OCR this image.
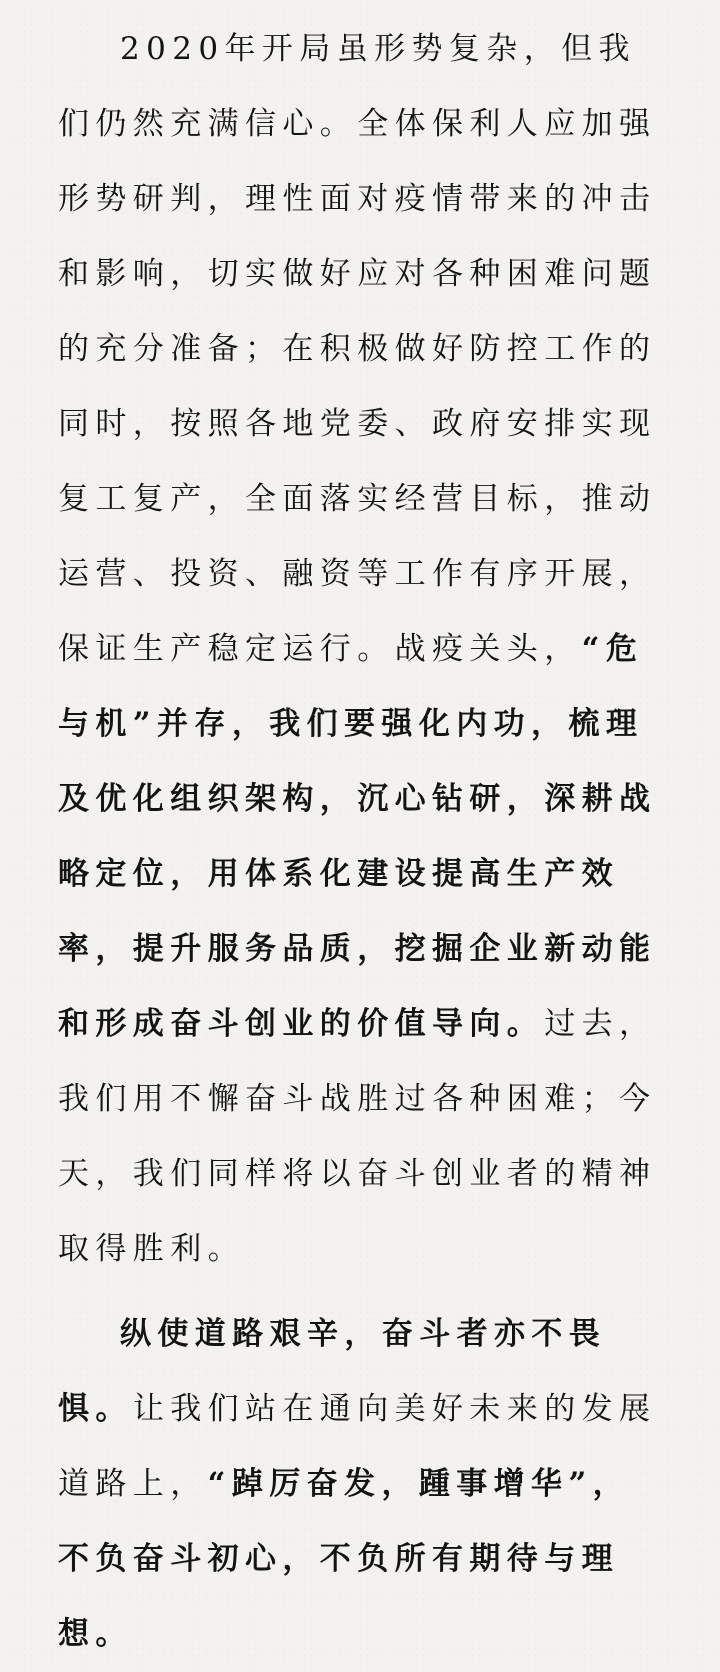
2020年开局虽形势复杂，但我们仍然充满信心。全体保利人应加强形势研判，理性面对疫情带来的冲击和影响，切实做好应对各种困难问题的充分准备；在积极做好防控工作的同时，按照各地党委、政府安排实现复工复产，全面落实经营目标，推动运营、投资、融资等工作有序开展，保证生产稳定运行。战疫关头，“危与机”并存，我们要强化内功，梳理及优化组织架构，沉心钻研，深耕战略定位，用体系化建设提高生产效率，提升服务品质，挖掘企业新动能和形成奋斗创业的价值导向。过去，我们用不懈奋斗战胜过各种困难；今天，我们同样将以奋斗创业者的精神取得胜利。

纵使道路艰辛，奋斗者亦不畏惧。让我们站在通向美好未来的发展道路上，“踔厉奋发，踵事增华”，不负奋斗初心，不负所有期待与理想。
